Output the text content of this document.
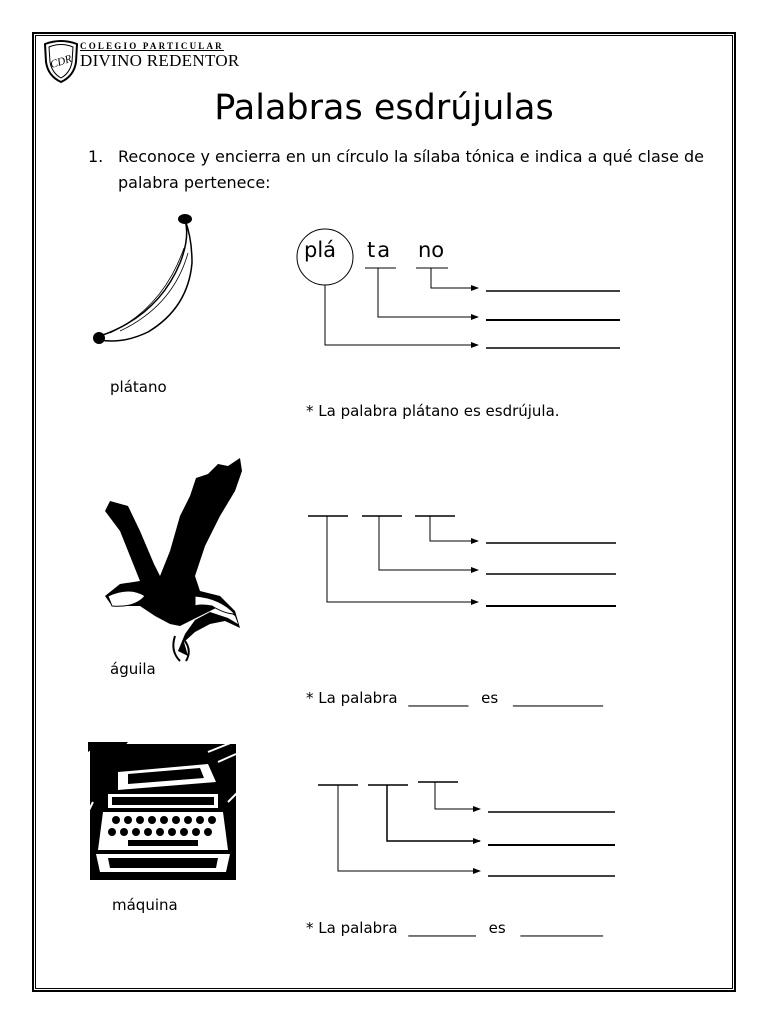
CDR
COLEGIO PARTICULAR
DIVINO REDENTOR
Palabras esdrújulas
1. Reconoce y encierra en un círculo la sílaba tónica e indica a qué clase de palabra pertenece:
plá ta no
plátano
* La palabra plátano es esdrújula.
águila
* La palabra ________ es ____________
máquina
* La palabra _________ es ___________
